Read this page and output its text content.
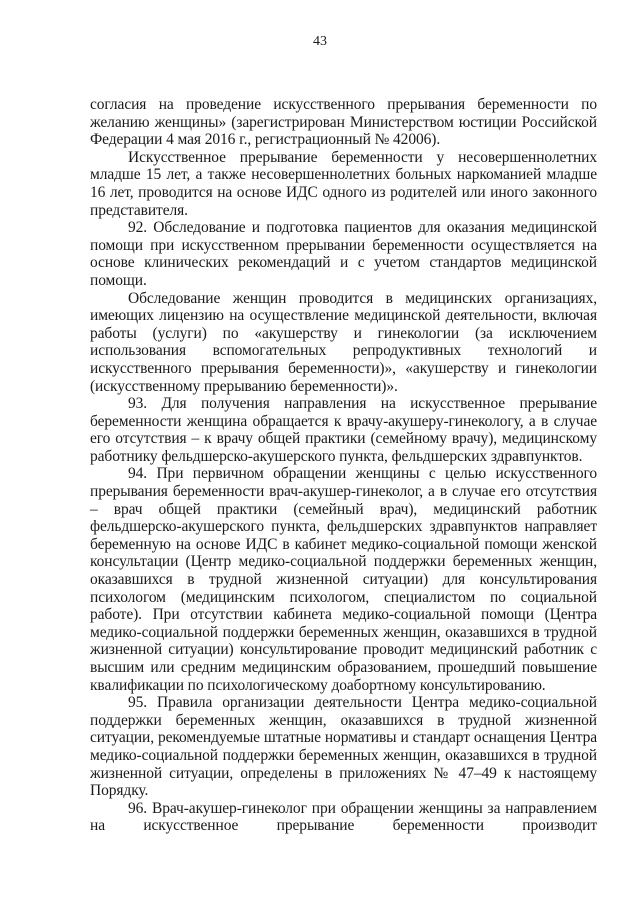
43

согласия на проведение искусственного прерывания беременности по желанию женщины» (зарегистрирован Министерством юстиции Российской Федерации 4 мая 2016 г., регистрационный № 42006).

Искусственное прерывание беременности у несовершеннолетних младше 15 лет, а также несовершеннолетних больных наркоманией младше 16 лет, проводится на основе ИДС одного из родителей или иного законного представителя.

92. Обследование и подготовка пациентов для оказания медицинской помощи при искусственном прерывании беременности осуществляется на основе клинических рекомендаций и с учетом стандартов медицинской помощи.

Обследование женщин проводится в медицинских организациях, имеющих лицензию на осуществление медицинской деятельности, включая работы (услуги) по «акушерству и гинекологии (за исключением использования вспомогательных репродуктивных технологий и искусственного прерывания беременности)», «акушерству и гинекологии (искусственному прерыванию беременности)».

93. Для получения направления на искусственное прерывание беременности женщина обращается к врачу-акушеру-гинекологу, а в случае его отсутствия – к врачу общей практики (семейному врачу), медицинскому работнику фельдшерско-акушерского пункта, фельдшерских здравпунктов.

94. При первичном обращении женщины с целью искусственного прерывания беременности врач-акушер-гинеколог, а в случае его отсутствия – врач общей практики (семейный врач), медицинский работник фельдшерско-акушерского пункта, фельдшерских здравпунктов направляет беременную на основе ИДС в кабинет медико-социальной помощи женской консультации (Центр медико-социальной поддержки беременных женщин, оказавшихся в трудной жизненной ситуации) для консультирования психологом (медицинским психологом, специалистом по социальной работе). При отсутствии кабинета медико-социальной помощи (Центра медико-социальной поддержки беременных женщин, оказавшихся в трудной жизненной ситуации) консультирование проводит медицинский работник с высшим или средним медицинским образованием, прошедший повышение квалификации по психологическому доабортному консультированию.

95. Правила организации деятельности Центра медико-социальной поддержки беременных женщин, оказавшихся в трудной жизненной ситуации, рекомендуемые штатные нормативы и стандарт оснащения Центра медико-социальной поддержки беременных женщин, оказавшихся в трудной жизненной ситуации, определены в приложениях № 47–49 к настоящему Порядку.

96. Врач-акушер-гинеколог при обращении женщины за направлением на искусственное прерывание беременности производит
